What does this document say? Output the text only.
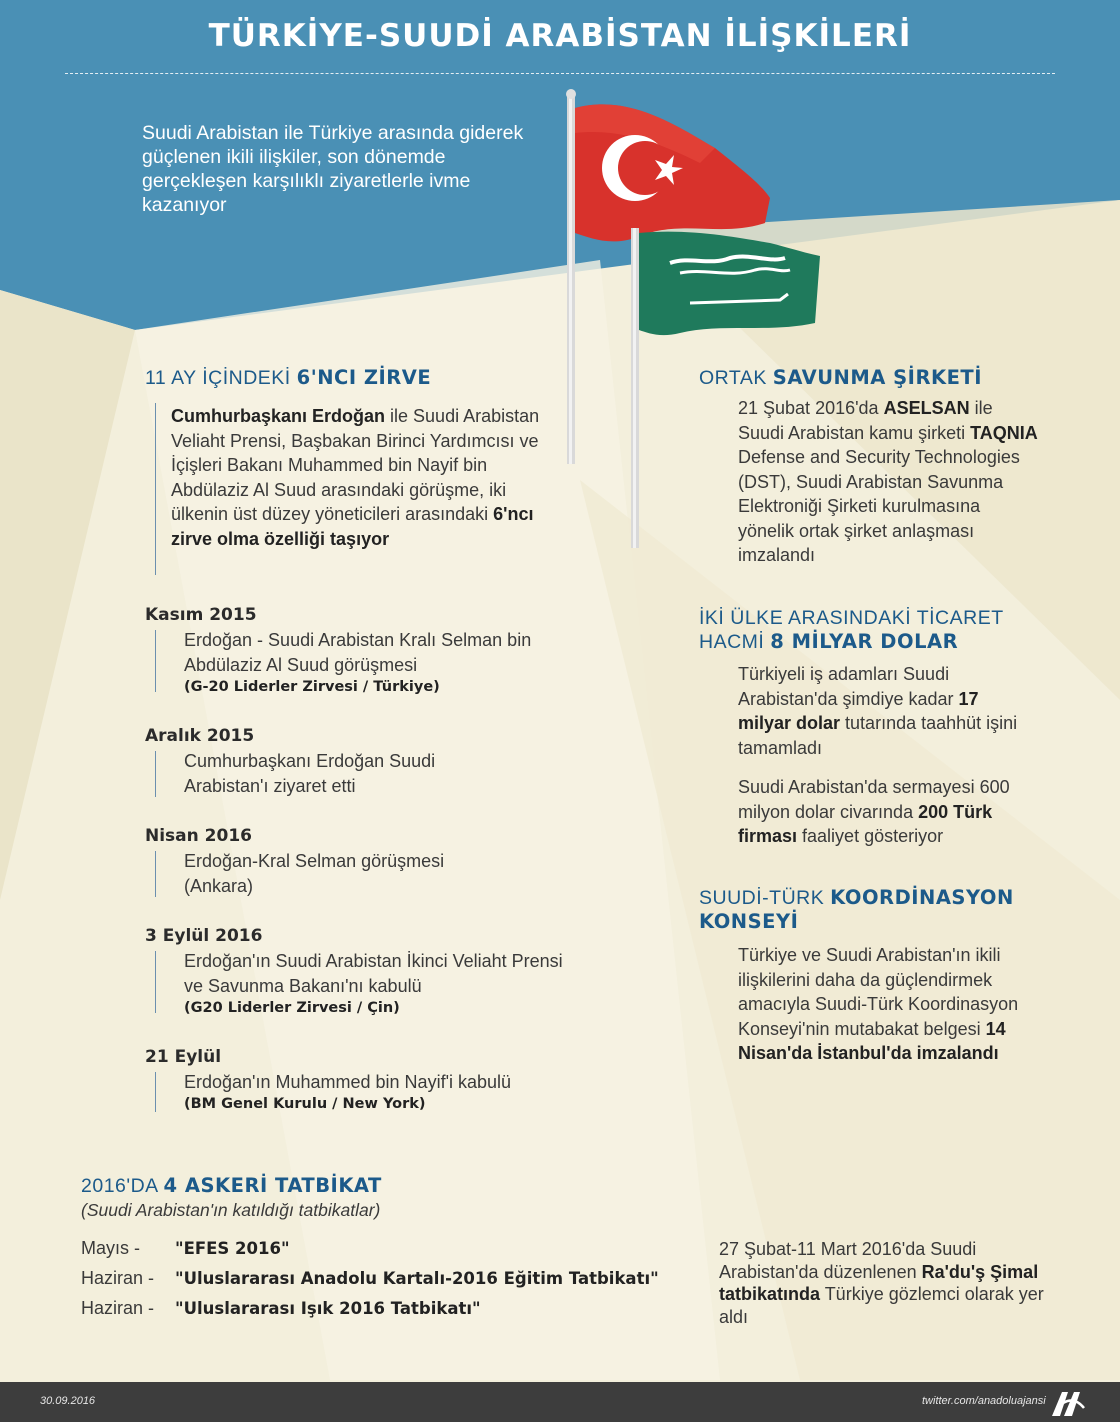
TÜRKİYE-SUUDİ ARABİSTAN İLİŞKİLERİ
Suudi Arabistan ile Türkiye arasında giderek güçlenen ikili ilişkiler, son dönemde gerçekleşen karşılıklı ziyaretlerle ivme kazanıyor
11 AY İÇİNDEKİ 6'NCI ZİRVE
Cumhurbaşkanı Erdoğan ile Suudi Arabistan Veliaht Prensi, Başbakan Birinci Yardımcısı ve İçişleri Bakanı Muhammed bin Nayif bin Abdülaziz Al Suud arasındaki görüşme, iki ülkenin üst düzey yöneticileri arasındaki 6'ncı zirve olma özelliği taşıyor
Kasım 2015
Erdoğan - Suudi Arabistan Kralı Selman bin Abdülaziz Al Suud görüşmesi
(G-20 Liderler Zirvesi / Türkiye)
Aralık 2015
Cumhurbaşkanı Erdoğan Suudi Arabistan'ı ziyaret etti
Nisan 2016
Erdoğan-Kral Selman görüşmesi (Ankara)
3 Eylül 2016
Erdoğan'ın Suudi Arabistan İkinci Veliaht Prensi ve Savunma Bakanı'nı kabulü
(G20 Liderler Zirvesi / Çin)
21 Eylül
Erdoğan'ın Muhammed bin Nayif'i kabulü
(BM Genel Kurulu / New York)
2016'DA 4 ASKERİ TATBİKAT
(Suudi Arabistan'ın katıldığı tatbikatlar)
Mayıs - "EFES 2016"
Haziran - "Uluslararası Anadolu Kartalı-2016 Eğitim Tatbikatı"
Haziran - "Uluslararası Işık 2016 Tatbikatı"
27 Şubat-11 Mart 2016'da Suudi Arabistan'da düzenlenen Ra'du'ş Şimal tatbikatında Türkiye gözlemci olarak yer aldı
ORTAK SAVUNMA ŞİRKETİ
21 Şubat 2016'da ASELSAN ile Suudi Arabistan kamu şirketi TAQNIA Defense and Security Technologies (DST), Suudi Arabistan Savunma Elektroniği Şirketi kurulmasına yönelik ortak şirket anlaşması imzalandı
İKİ ÜLKE ARASINDAKİ TİCARET HACMİ 8 MİLYAR DOLAR
Türkiyeli iş adamları Suudi Arabistan'da şimdiye kadar 17 milyar dolar tutarında taahhüt işini tamamladı
Suudi Arabistan'da sermayesi 600 milyon dolar civarında 200 Türk firması faaliyet gösteriyor
SUUDİ-TÜRK KOORDİNASYON
KONSEYİ
Türkiye ve Suudi Arabistan'ın ikili ilişkilerini daha da güçlendirmek amacıyla Suudi-Türk Koordinasyon Konseyi'nin mutabakat belgesi 14 Nisan'da İstanbul'da imzalandı
30.09.2016	twitter.com/anadoluajansi
